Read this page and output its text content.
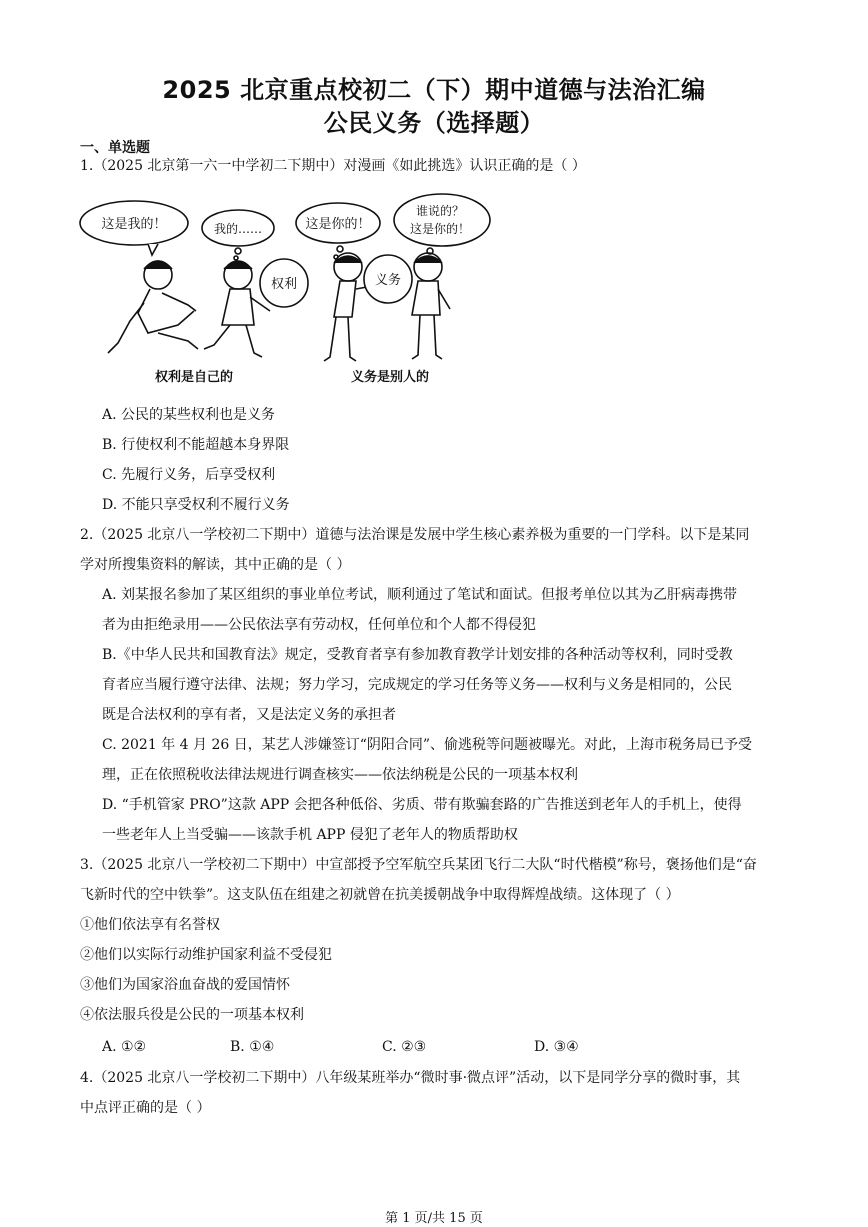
2025 北京重点校初二（下）期中道德与法治汇编
公民义务（选择题）
一、单选题
1.（2025 北京第一六一中学初二下期中）对漫画《如此挑选》认识正确的是（ ）
这是我的！	我的……	这是你的！
谁说的？
这是你的！
权利	义务
权利是自己的	义务是别人的
A. 公民的某些权利也是义务
B. 行使权利不能超越本身界限
C. 先履行义务，后享受权利
D. 不能只享受权利不履行义务
2.（2025 北京八一学校初二下期中）道德与法治课是发展中学生核心素养极为重要的一门学科。以下是某同
学对所搜集资料的解读，其中正确的是（ ）
A. 刘某报名参加了某区组织的事业单位考试，顺利通过了笔试和面试。但报考单位以其为乙肝病毒携带
者为由拒绝录用——公民依法享有劳动权，任何单位和个人都不得侵犯
B.《中华人民共和国教育法》规定，受教育者享有参加教育教学计划安排的各种活动等权利，同时受教
育者应当履行遵守法律、法规；努力学习，完成规定的学习任务等义务——权利与义务是相同的，公民
既是合法权利的享有者，又是法定义务的承担者
C. 2021 年 4 月 26 日，某艺人涉嫌签订“阴阳合同”、偷逃税等问题被曝光。对此，上海市税务局已予受
理，正在依照税收法律法规进行调查核实——依法纳税是公民的一项基本权利
D. “手机管家 PRO”这款 APP 会把各种低俗、劣质、带有欺骗套路的广告推送到老年人的手机上，使得
一些老年人上当受骗——该款手机 APP 侵犯了老年人的物质帮助权
3.（2025 北京八一学校初二下期中）中宣部授予空军航空兵某团飞行二大队“时代楷模”称号，褒扬他们是“奋
飞新时代的空中铁拳”。这支队伍在组建之初就曾在抗美援朝战争中取得辉煌战绩。这体现了（ ）
①他们依法享有名誉权
②他们以实际行动维护国家利益不受侵犯
③他们为国家浴血奋战的爱国情怀
④依法服兵役是公民的一项基本权利
A. ①②	B. ①④	C. ②③	D. ③④
4.（2025 北京八一学校初二下期中）八年级某班举办“微时事·微点评”活动，以下是同学分享的微时事，其
中点评正确的是（ ）
第 1 页/共 15 页
